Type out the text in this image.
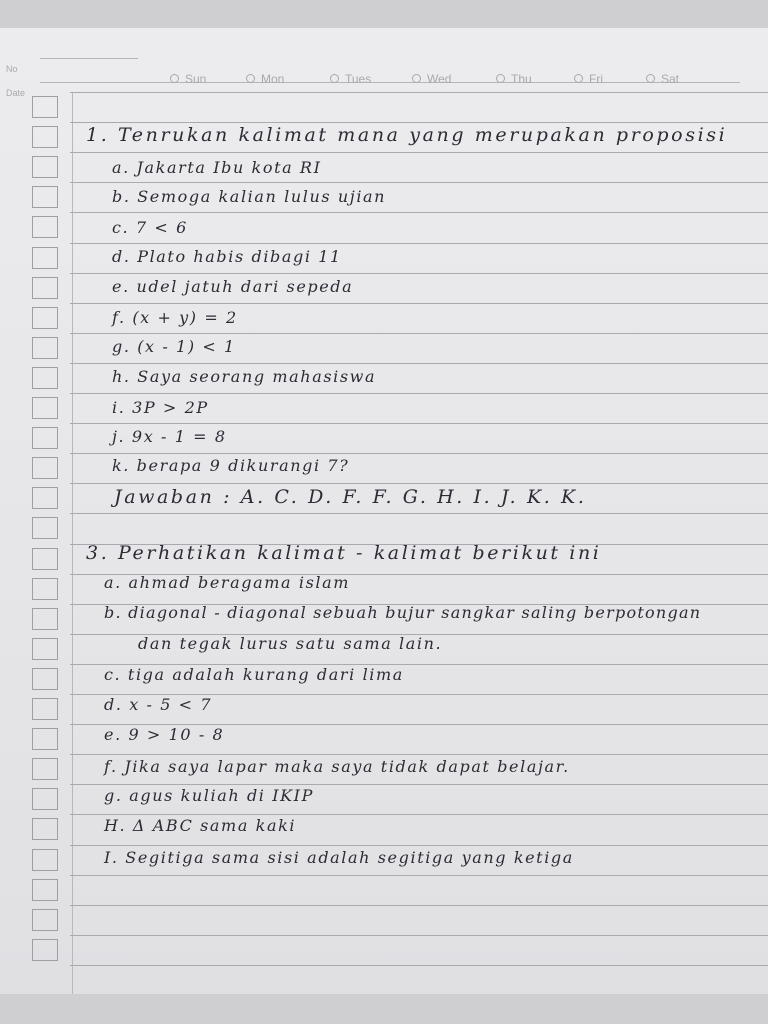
No
Date
Sun	Mon	Tues	Wed	Thu	Fri	Sat
1. Tenrukan kalimat mana yang merupakan proposisi
a. Jakarta Ibu kota RI
b. Semoga kalian lulus ujian
c. 7 < 6
d. Plato habis dibagi 11
e. udel jatuh dari sepeda
f. (x + y) = 2
g. (x - 1) < 1
h. Saya seorang mahasiswa
i. 3P > 2P
j. 9x - 1 = 8
k. berapa 9 dikurangi 7?
Jawaban : A. C. D. F. F. G. H. I. J. K. K.
3. Perhatikan kalimat - kalimat berikut ini
a. ahmad beragama islam
b. diagonal - diagonal sebuah bujur sangkar saling berpotongan
dan tegak lurus satu sama lain.
c. tiga adalah kurang dari lima
d. x - 5 < 7
e. 9 > 10 - 8
f. Jika saya lapar maka saya tidak dapat belajar.
g. agus kuliah di IKIP
H. Δ ABC sama kaki
I. Segitiga sama sisi adalah segitiga yang ketiga
